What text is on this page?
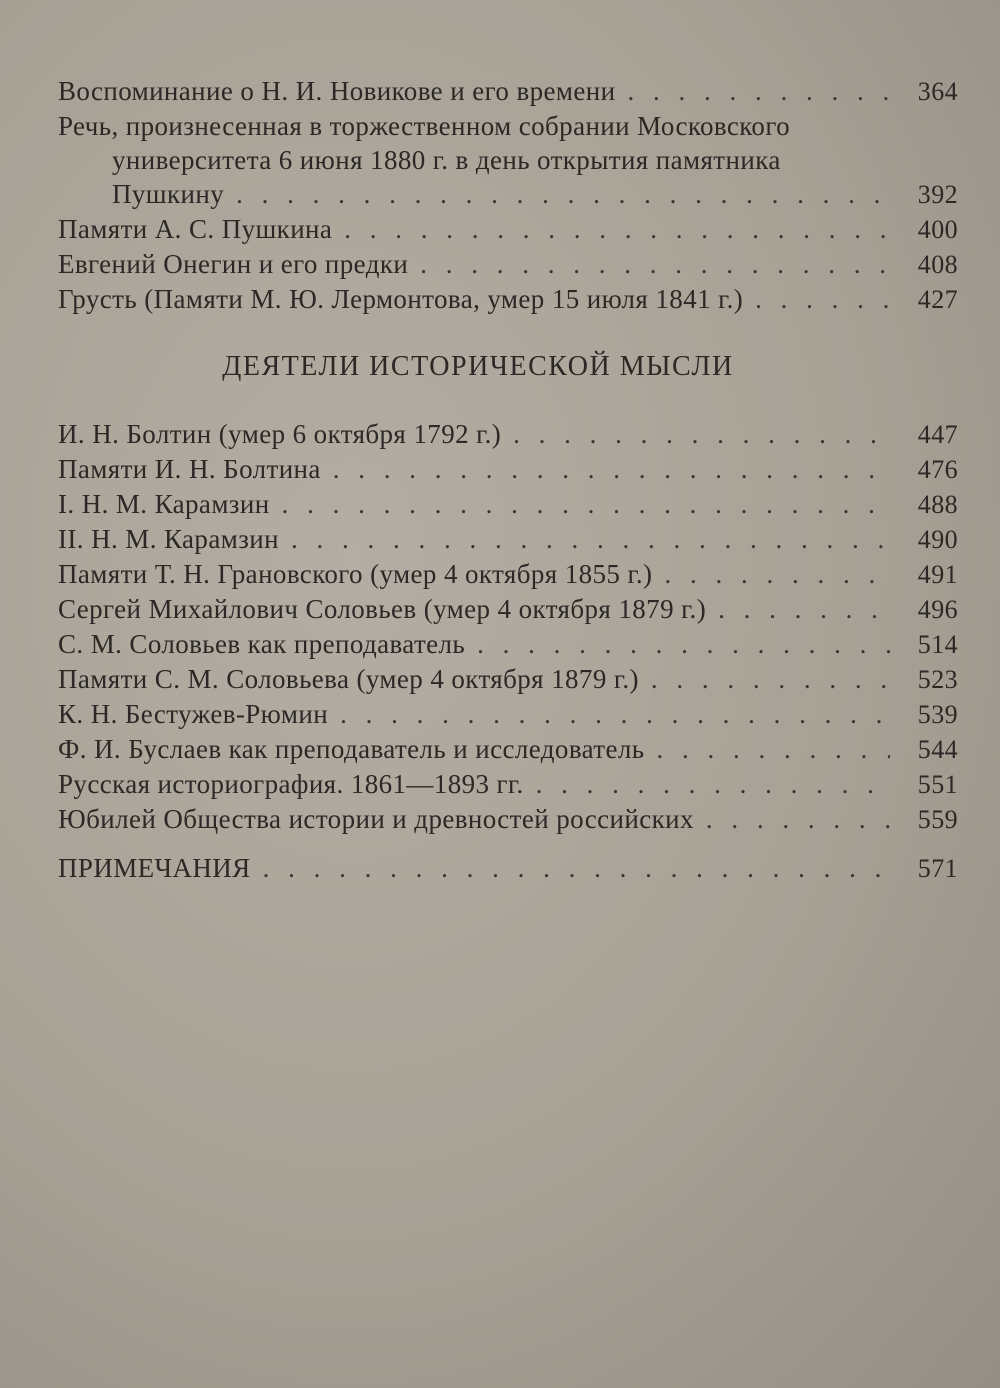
Воспоминание о Н. И. Новикове и его времени . . .	364
Речь, произнесенная в торжественном собрании Московского
университета 6 июня 1880 г. в день открытия памятника
Пушкину . . .	392
Памяти А. С. Пушкина . . .	400
Евгений Онегин и его предки . . .	408
Грусть (Памяти М. Ю. Лермонтова, умер 15 июля 1841 г.) . . .	427
ДЕЯТЕЛИ ИСТОРИЧЕСКОЙ МЫСЛИ
И. Н. Болтин (умер 6 октября 1792 г.) . . .	447
Памяти И. Н. Болтина . . .	476
I. Н. М. Карамзин . . .	488
II. Н. М. Карамзин . . .	490
Памяти Т. Н. Грановского (умер 4 октября 1855 г.) . . .	491
Сергей Михайлович Соловьев (умер 4 октября 1879 г.) . . .	496
С. М. Соловьев как преподаватель . . .	514
Памяти С. М. Соловьева (умер 4 октября 1879 г.) . . .	523
К. Н. Бестужев-Рюмин . . .	539
Ф. И. Буслаев как преподаватель и исследователь . . .	544
Русская историография. 1861—1893 гг. . . .	551
Юбилей Общества истории и древностей российских . . .	559
ПРИМЕЧАНИЯ . . .	571
